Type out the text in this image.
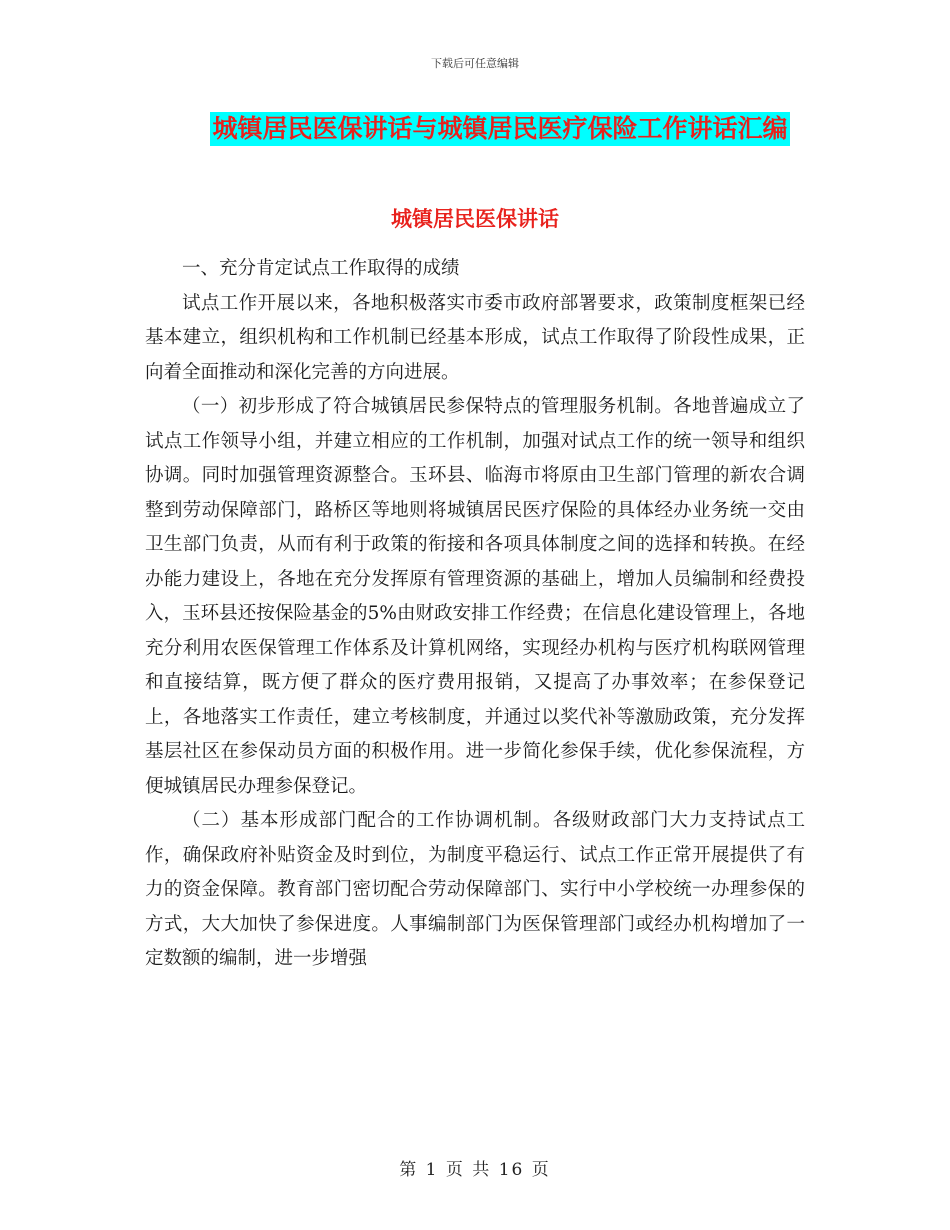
下载后可任意编辑
城镇居民医保讲话与城镇居民医疗保险工作讲话汇编
城镇居民医保讲话

一、充分肯定试点工作取得的成绩

试点工作开展以来，各地积极落实市委市政府部署要求，政策制度框架已经基本建立，组织机构和工作机制已经基本形成，试点工作取得了阶段性成果，正向着全面推动和深化完善的方向进展。

（一）初步形成了符合城镇居民参保特点的管理服务机制。各地普遍成立了试点工作领导小组，并建立相应的工作机制，加强对试点工作的统一领导和组织协调。同时加强管理资源整合。玉环县、临海市将原由卫生部门管理的新农合调整到劳动保障部门，路桥区等地则将城镇居民医疗保险的具体经办业务统一交由卫生部门负责，从而有利于政策的衔接和各项具体制度之间的选择和转换。在经办能力建设上，各地在充分发挥原有管理资源的基础上，增加人员编制和经费投入，玉环县还按保险基金的5%由财政安排工作经费；在信息化建设管理上，各地充分利用农医保管理工作体系及计算机网络，实现经办机构与医疗机构联网管理和直接结算，既方便了群众的医疗费用报销，又提高了办事效率；在参保登记上，各地落实工作责任，建立考核制度，并通过以奖代补等激励政策，充分发挥基层社区在参保动员方面的积极作用。进一步简化参保手续，优化参保流程，方便城镇居民办理参保登记。

（二）基本形成部门配合的工作协调机制。各级财政部门大力支持试点工作，确保政府补贴资金及时到位，为制度平稳运行、试点工作正常开展提供了有力的资金保障。教育部门密切配合劳动保障部门、实行中小学校统一办理参保的方式，大大加快了参保进度。人事编制部门为医保管理部门或经办机构增加了一定数额的编制，进一步增强

第 1 页 共 16 页
